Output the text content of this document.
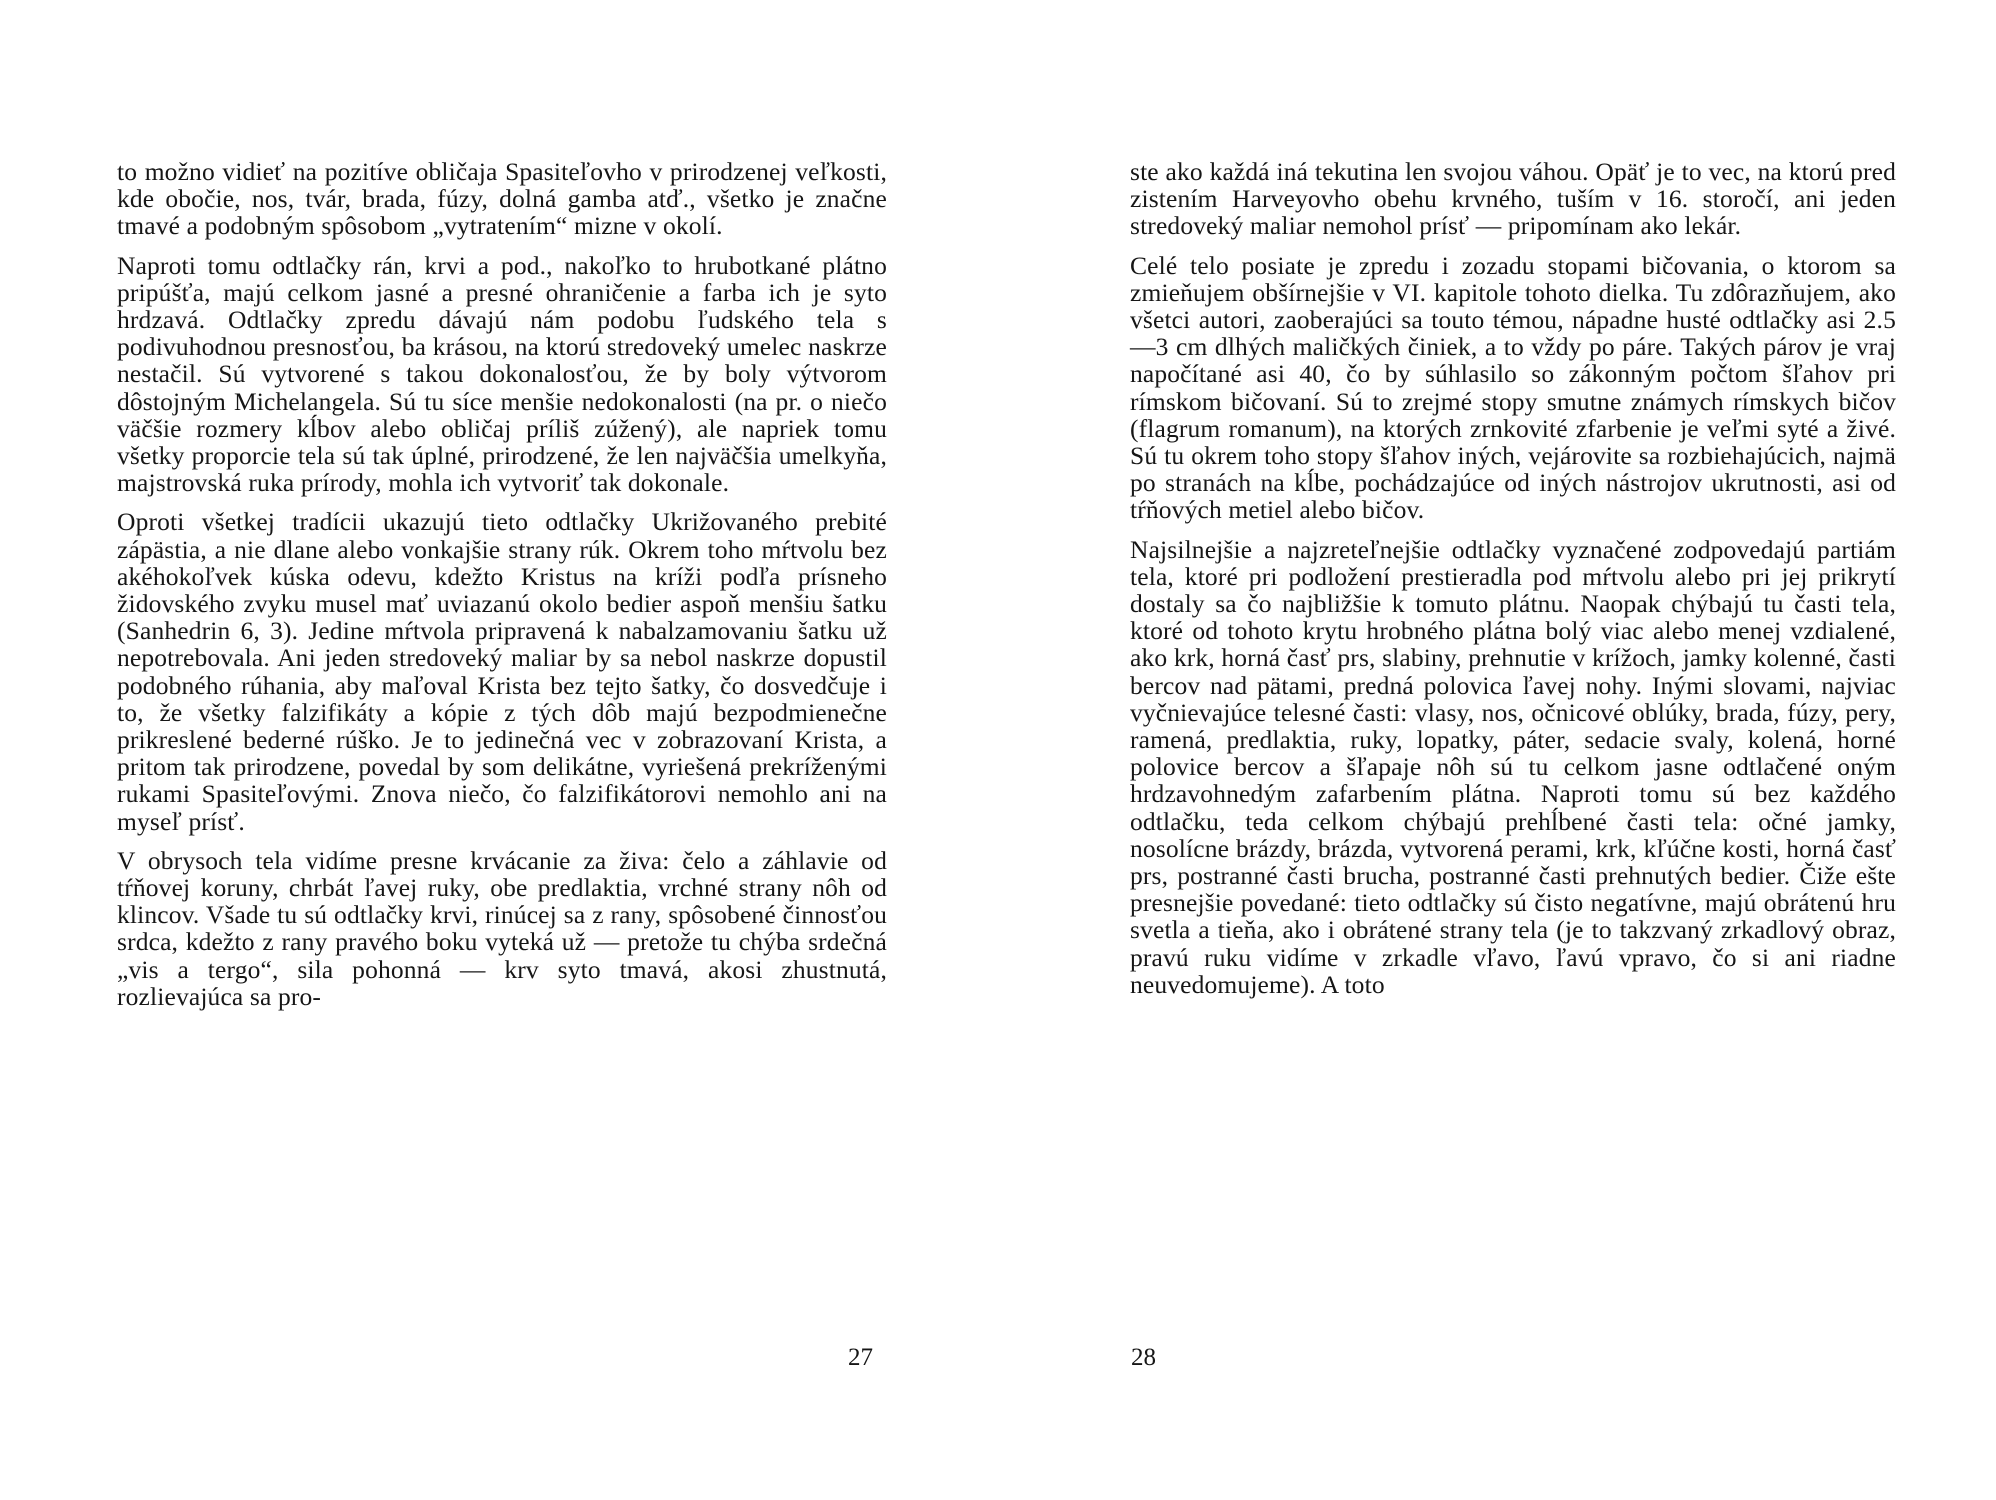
to možno vidieť na pozitíve obličaja Spasiteľovho v prirodzenej veľkosti, kde obočie, nos, tvár, brada, fúzy, dolná gamba atď., všetko je značne tmavé a podobným spôsobom „vytratením“ mizne v okolí.

Naproti tomu odtlačky rán, krvi a pod., nakoľko to hrubotkané plátno pripúšťa, majú celkom jasné a presné ohraničenie a farba ich je syto hrdzavá. Odtlačky zpredu dávajú nám podobu ľudského tela s podivuhodnou presnosťou, ba krásou, na ktorú stredoveký umelec naskrze nestačil. Sú vytvorené s takou dokonalosťou, že by boly výtvorom dôstojným Michelangela. Sú tu síce menšie nedokonalosti (na pr. o niečo väčšie rozmery kĺbov alebo obličaj príliš zúžený), ale napriek tomu všetky proporcie tela sú tak úplné, prirodzené, že len najväčšia umelkyňa, majstrovská ruka prírody, mohla ich vytvoriť tak dokonale.

Oproti všetkej tradícii ukazujú tieto odtlačky Ukrižovaného prebité zápästia, a nie dlane alebo vonkajšie strany rúk. Okrem toho mŕtvolu bez akéhokoľvek kúska odevu, kdežto Kristus na kríži podľa prísneho židovského zvyku musel mať uviazanú okolo bedier aspoň menšiu šatku (Sanhedrin 6, 3). Jedine mŕtvola pripravená k nabalzamovaniu šatku už nepotrebovala. Ani jeden stredoveký maliar by sa nebol naskrze dopustil podobného rúhania, aby maľoval Krista bez tejto šatky, čo dosvedčuje i to, že všetky falzifikáty a kópie z tých dôb majú bezpodmienečne prikreslené bederné rúško. Je to jedinečná vec v zobrazovaní Krista, a pritom tak prirodzene, povedal by som delikátne, vyriešená prekríženými rukami Spasiteľovými. Znova niečo, čo falzifikátorovi nemohlo ani na myseľ prísť.

V obrysoch tela vidíme presne krvácanie za živa: čelo a záhlavie od tŕňovej koruny, chrbát ľavej ruky, obe predlaktia, vrchné strany nôh od klincov. Všade tu sú odtlačky krvi, rinúcej sa z rany, spôsobené činnosťou srdca, kdežto z rany pravého boku vyteká už — pretože tu chýba srdečná „vis a tergo“, sila pohonná — krv syto tmavá, akosi zhustnutá, rozlievajúca sa pro-

27

ste ako každá iná tekutina len svojou váhou. Opäť je to vec, na ktorú pred zistením Harveyovho obehu krvného, tuším v 16. storočí, ani jeden stredoveký maliar nemohol prísť — pripomínam ako lekár.

Celé telo posiate je zpredu i zozadu stopami bičovania, o ktorom sa zmieňujem obšírnejšie v VI. kapitole tohoto dielka. Tu zdôrazňujem, ako všetci autori, zaoberajúci sa touto témou, nápadne husté odtlačky asi 2.5—3 cm dlhých maličkých činiek, a to vždy po páre. Takých párov je vraj napočítané asi 40, čo by súhlasilo so zákonným počtom šľahov pri rímskom bičovaní. Sú to zrejmé stopy smutne známych rímskych bičov (flagrum romanum), na ktorých zrnkovité zfarbenie je veľmi syté a živé. Sú tu okrem toho stopy šľahov iných, vejárovite sa rozbiehajúcich, najmä po stranách na kĺbe, pochádzajúce od iných nástrojov ukrutnosti, asi od tŕňových metiel alebo bičov.

Najsilnejšie a najzreteľnejšie odtlačky vyznačené zodpovedajú partiám tela, ktoré pri podložení prestieradla pod mŕtvolu alebo pri jej prikrytí dostaly sa čo najbližšie k tomuto plátnu. Naopak chýbajú tu časti tela, ktoré od tohoto krytu hrobného plátna bolý viac alebo menej vzdialené, ako krk, horná časť prs, slabiny, prehnutie v krížoch, jamky kolenné, časti bercov nad pätami, predná polovica ľavej nohy. Inými slovami, najviac vyčnievajúce telesné časti: vlasy, nos, očnicové oblúky, brada, fúzy, pery, ramená, predlaktia, ruky, lopatky, páter, sedacie svaly, kolená, horné polovice bercov a šľapaje nôh sú tu celkom jasne odtlačené oným hrdzavohnedým zafarbením plátna. Naproti tomu sú bez každého odtlačku, teda celkom chýbajú prehĺbené časti tela: očné jamky, nosolícne brázdy, brázda, vytvorená perami, krk, kľúčne kosti, horná časť prs, postranné časti brucha, postranné časti prehnutých bedier. Čiže ešte presnejšie povedané: tieto odtlačky sú čisto negatívne, majú obrátenú hru svetla a tieňa, ako i obrátené strany tela (je to takzvaný zrkadlový obraz, pravú ruku vidíme v zrkadle vľavo, ľavú vpravo, čo si ani riadne neuvedomujeme). A toto

28
